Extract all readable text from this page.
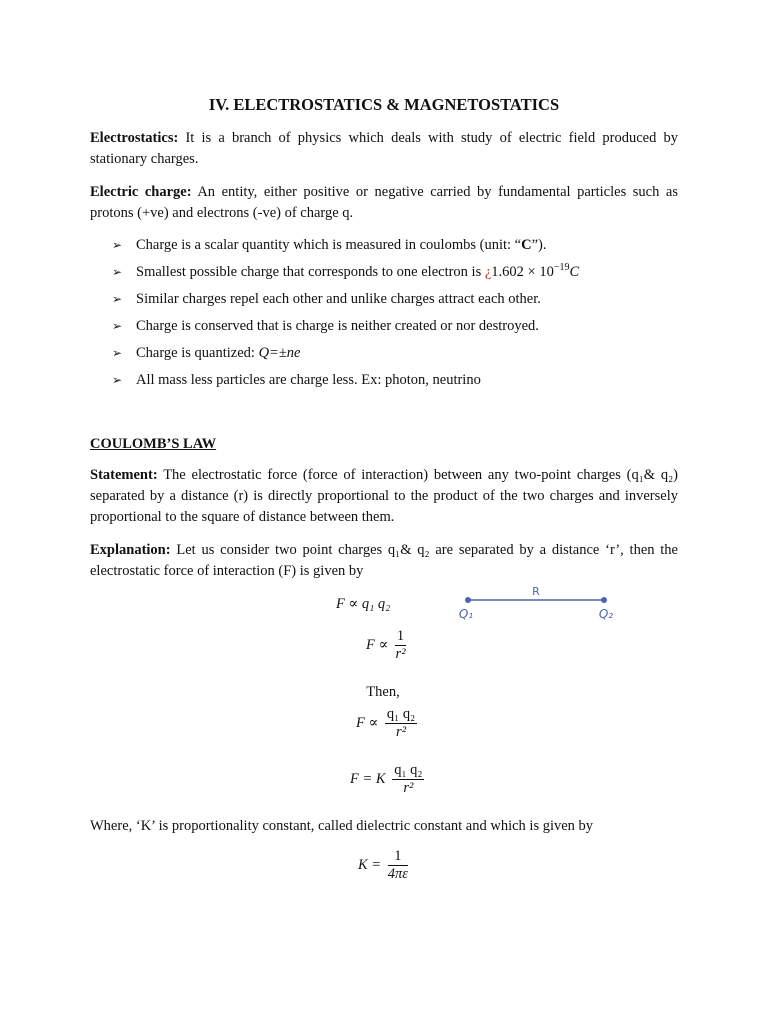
IV. ELECTROSTATICS & MAGNETOSTATICS
Electrostatics: It is a branch of physics which deals with study of electric field produced by stationary charges.
Electric charge: An entity, either positive or negative carried by fundamental particles such as protons (+ve) and electrons (-ve) of charge q.
➢ Charge is a scalar quantity which is measured in coulombs (unit: “C”).
➢ Smallest possible charge that corresponds to one electron is ¿$1.602 \times 10^{-19}C$
➢ Similar charges repel each other and unlike charges attract each other.
➢ Charge is conserved that is charge is neither created or nor destroyed.
➢ Charge is quantized: Q=±ne
➢ All mass less particles are charge less. Ex: photon, neutrino
COULOMB’S LAW
Statement: The electrostatic force (force of interaction) between any two-point charges (q₁& q₂) separated by a distance (r) is directly proportional to the product of the two charges and inversely proportional to the square of distance between them.
Explanation: Let us consider two point charges q₁& q₂ are separated by a distance ‘r’, then the electrostatic force of interaction (F) is given by
F ∝ q₁ q₂
$F \propto \frac{1}{\text{r²}}$
Then,
$F \propto \frac{\text{q₁ q₂}}{\text{r²}}$
F = K $\frac{\text{q₁ q₂}}{\text{r²}}$
Where, ‘K’ is proportionality constant, called dielectric constant and which is given by
$K = \frac{1}{4\pi\varepsilon}$
R
Q₁	Q₂
